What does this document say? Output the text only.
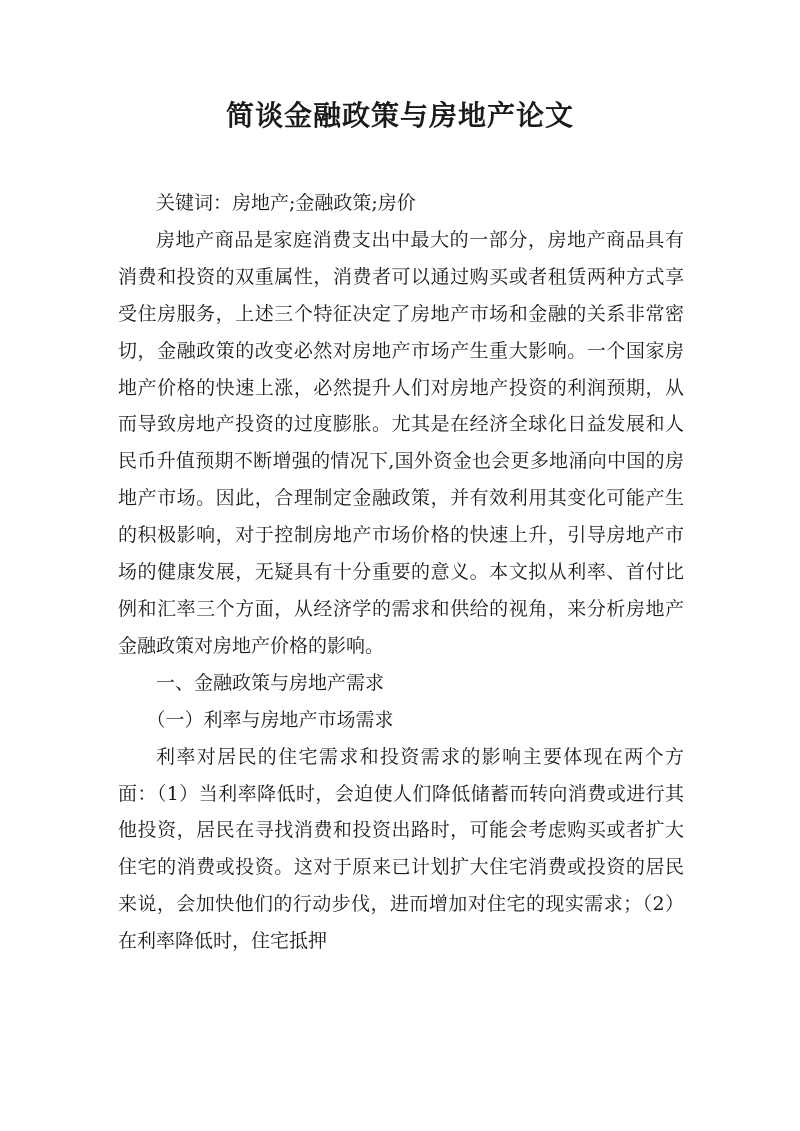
简谈金融政策与房地产论文

关键词：房地产;金融政策;房价

房地产商品是家庭消费支出中最大的一部分，房地产商品具有消费和投资的双重属性，消费者可以通过购买或者租赁两种方式享受住房服务，上述三个特征决定了房地产市场和金融的关系非常密切，金融政策的改变必然对房地产市场产生重大影响。一个国家房地产价格的快速上涨，必然提升人们对房地产投资的利润预期，从而导致房地产投资的过度膨胀。尤其是在经济全球化日益发展和人民币升值预期不断增强的情况下,国外资金也会更多地涌向中国的房地产市场。因此，合理制定金融政策，并有效利用其变化可能产生的积极影响，对于控制房地产市场价格的快速上升，引导房地产市场的健康发展，无疑具有十分重要的意义。本文拟从利率、首付比例和汇率三个方面，从经济学的需求和供给的视角，来分析房地产金融政策对房地产价格的影响。

一、金融政策与房地产需求

（一）利率与房地产市场需求

利率对居民的住宅需求和投资需求的影响主要体现在两个方面：（1）当利率降低时，会迫使人们降低储蓄而转向消费或进行其他投资，居民在寻找消费和投资出路时，可能会考虑购买或者扩大住宅的消费或投资。这对于原来已计划扩大住宅消费或投资的居民来说，会加快他们的行动步伐，进而增加对住宅的现实需求；（2）在利率降低时，住宅抵押
